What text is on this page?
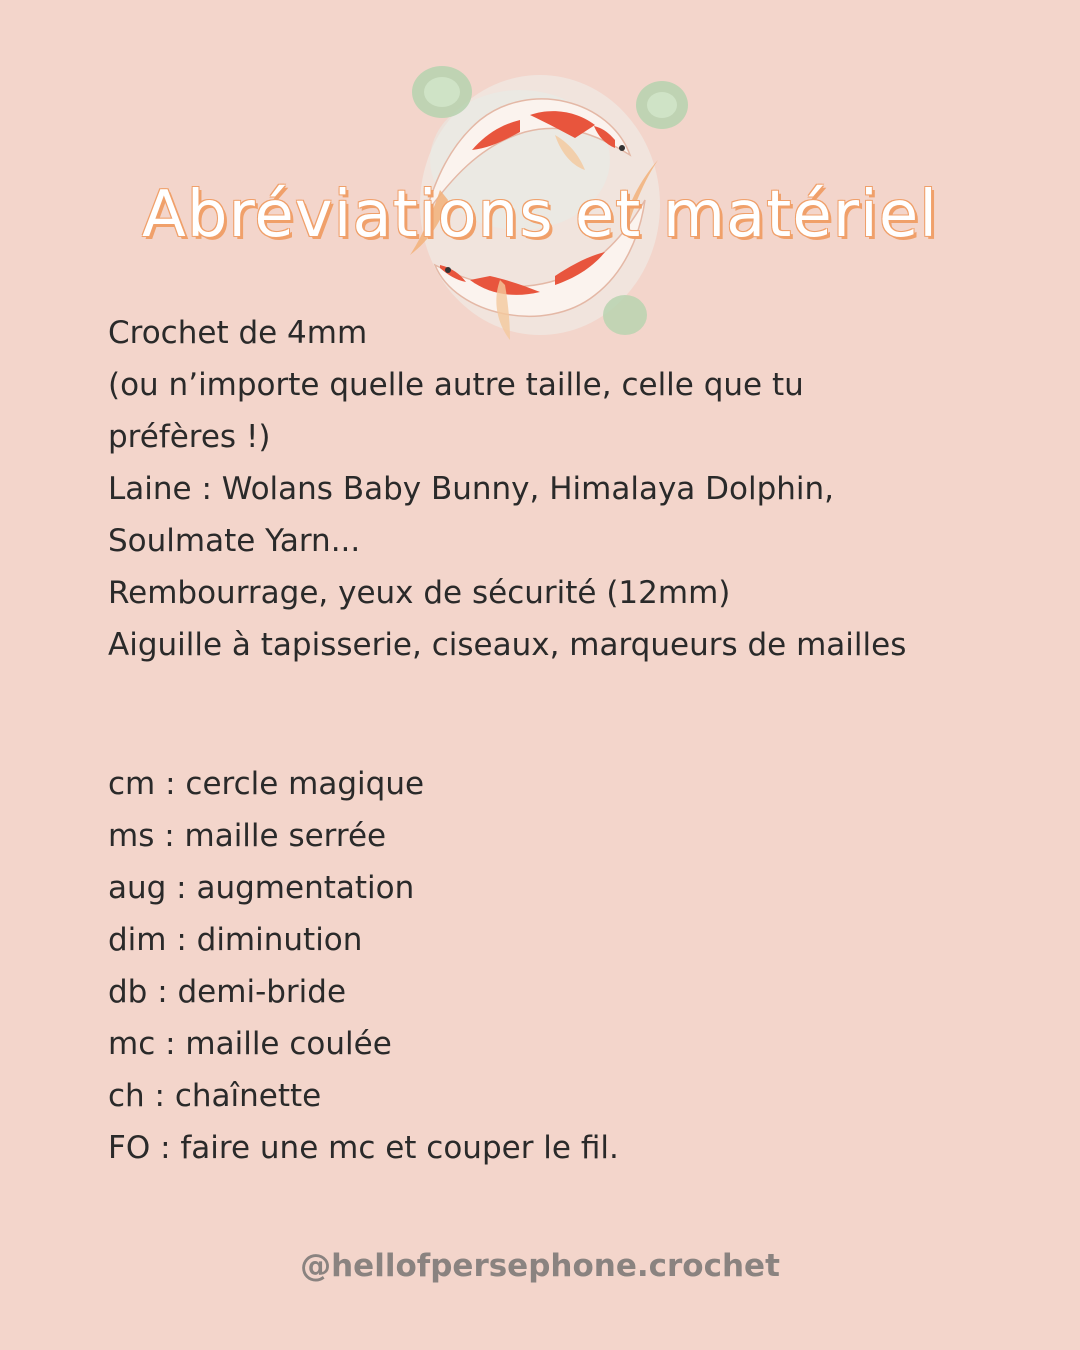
Abréviations et matériel
Crochet de 4mm
(ou n’importe quelle autre taille, celle que tu
préfères !)
Laine : Wolans Baby Bunny, Himalaya Dolphin,
Soulmate Yarn...
Rembourrage, yeux de sécurité (12mm)
Aiguille à tapisserie, ciseaux, marqueurs de mailles
cm : cercle magique
ms : maille serrée
aug : augmentation
dim : diminution
db : demi-bride
mc : maille coulée
ch : chaînette
FO : faire une mc et couper le fil.
@hellofpersephone.crochet
